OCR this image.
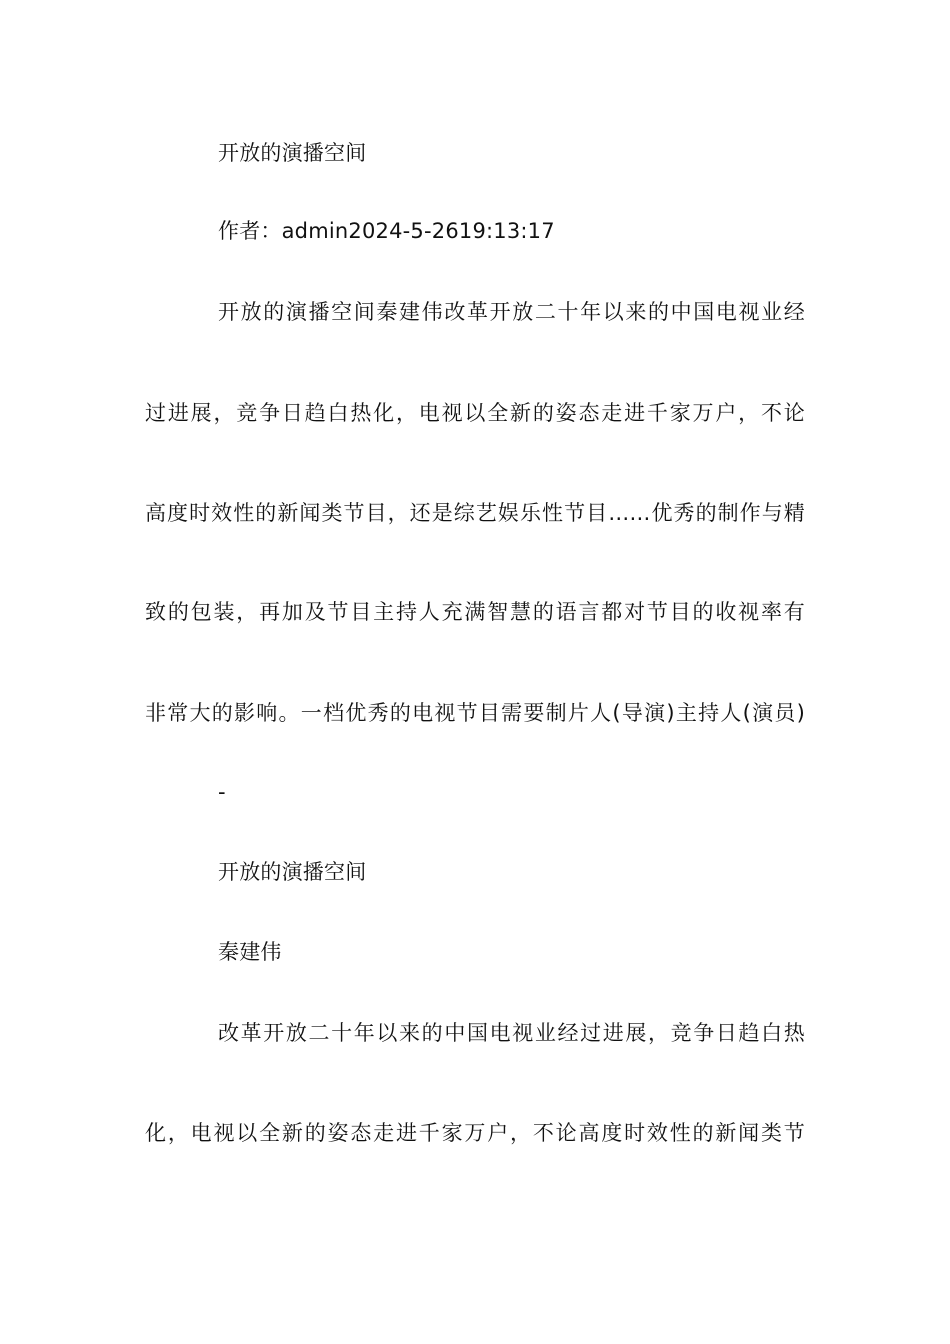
开放的演播空间
作者：admin2024-5-2619:13:17
开放的演播空间秦建伟改革开放二十年以来的中国电视业经
过进展，竞争日趋白热化，电视以全新的姿态走进千家万户，不论
高度时效性的新闻类节目，还是综艺娱乐性节目……优秀的制作与精
致的包装，再加及节目主持人充满智慧的语言都对节目的收视率有
非常大的影响。一档优秀的电视节目需要制片人(导演)主持人(演员)
-
开放的演播空间
秦建伟
改革开放二十年以来的中国电视业经过进展，竞争日趋白热
化，电视以全新的姿态走进千家万户，不论高度时效性的新闻类节
